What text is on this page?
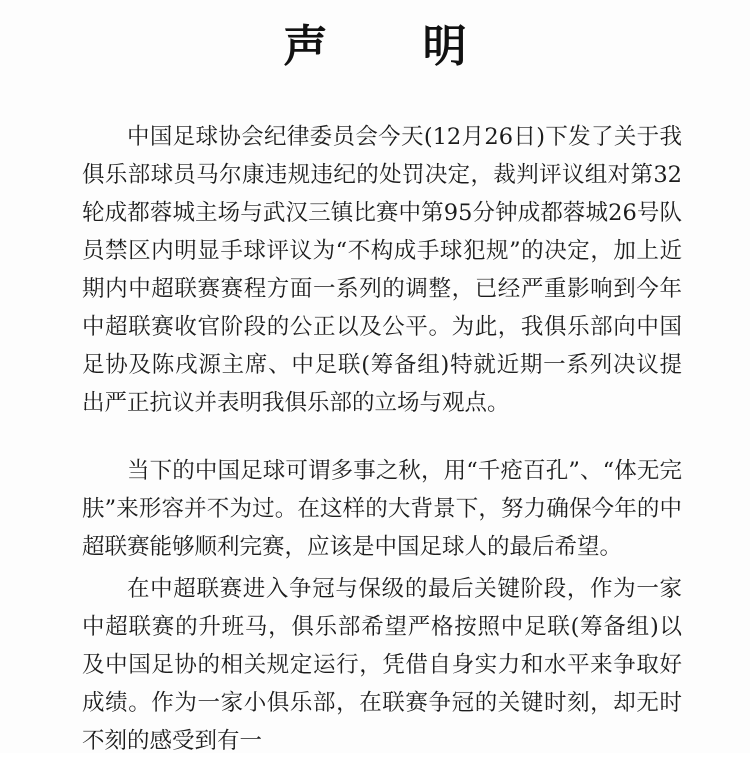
声 明

中国足球协会纪律委员会今天(12月26日)下发了关于我俱乐部球员马尔康违规违纪的处罚决定，裁判评议组对第32轮成都蓉城主场与武汉三镇比赛中第95分钟成都蓉城26号队员禁区内明显手球评议为“不构成手球犯规”的决定，加上近期内中超联赛赛程方面一系列的调整，已经严重影响到今年中超联赛收官阶段的公正以及公平。为此，我俱乐部向中国足协及陈戌源主席、中足联(筹备组)特就近期一系列决议提出严正抗议并表明我俱乐部的立场与观点。

当下的中国足球可谓多事之秋，用“千疮百孔”、“体无完肤”来形容并不为过。在这样的大背景下，努力确保今年的中超联赛能够顺利完赛，应该是中国足球人的最后希望。

在中超联赛进入争冠与保级的最后关键阶段，作为一家中超联赛的升班马，俱乐部希望严格按照中足联(筹备组)以及中国足协的相关规定运行，凭借自身实力和水平来争取好成绩。作为一家小俱乐部，在联赛争冠的关键时刻，却无时不刻的感受到有一
